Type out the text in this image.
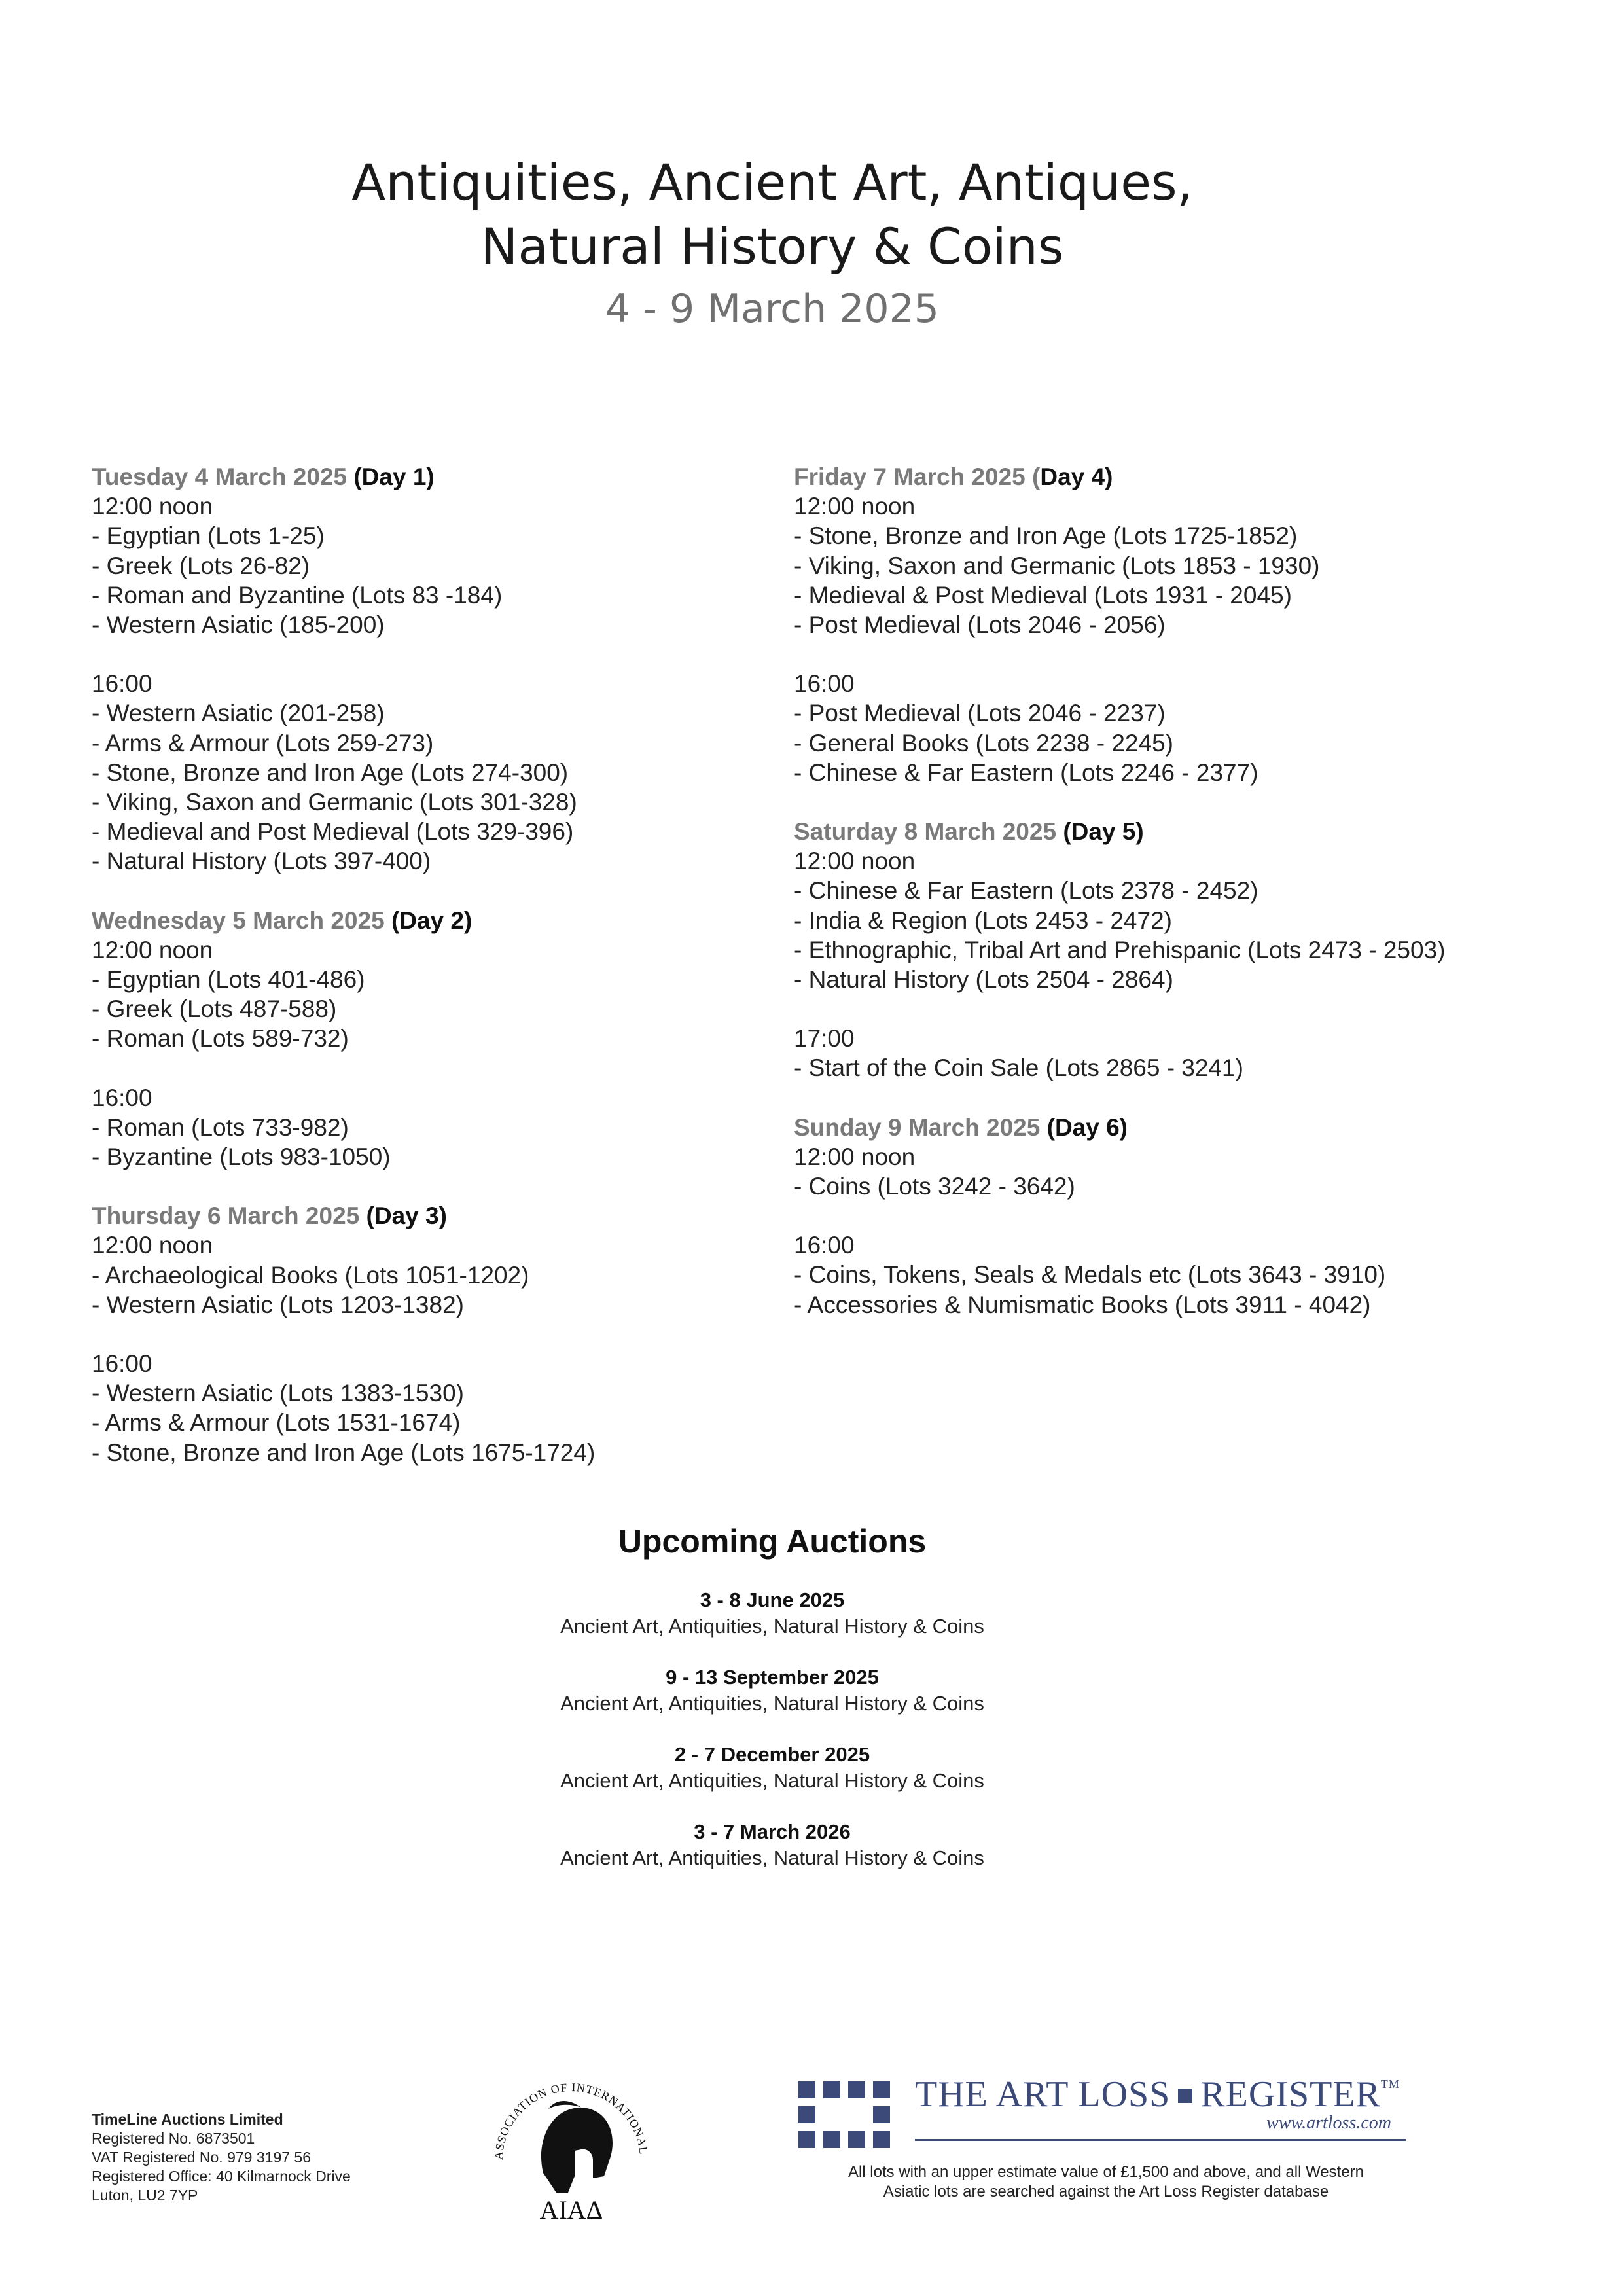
Antiquities, Ancient Art, Antiques,
Natural History & Coins
4 - 9 March 2025
Tuesday 4 March 2025 (Day 1)
12:00 noon
- Egyptian (Lots 1-25)
- Greek (Lots 26-82)
- Roman and Byzantine (Lots 83 -184)
- Western Asiatic (185-200)
16:00
- Western Asiatic (201-258)
- Arms & Armour (Lots 259-273)
- Stone, Bronze and Iron Age (Lots 274-300)
- Viking, Saxon and Germanic (Lots 301-328)
- Medieval and Post Medieval (Lots 329-396)
- Natural History (Lots 397-400)
Wednesday 5 March 2025 (Day 2)
12:00 noon
- Egyptian (Lots 401-486)
- Greek (Lots 487-588)
- Roman (Lots 589-732)
16:00
- Roman (Lots 733-982)
- Byzantine (Lots 983-1050)
Thursday 6 March 2025 (Day 3)
12:00 noon
- Archaeological Books (Lots 1051-1202)
- Western Asiatic (Lots 1203-1382)
16:00
- Western Asiatic (Lots 1383-1530)
- Arms & Armour (Lots 1531-1674)
- Stone, Bronze and Iron Age (Lots 1675-1724)
Friday 7 March 2025 (Day 4)
12:00 noon
- Stone, Bronze and Iron Age (Lots 1725-1852)
- Viking, Saxon and Germanic (Lots 1853 - 1930)
- Medieval & Post Medieval (Lots 1931 - 2045)
- Post Medieval (Lots 2046 - 2056)
16:00
- Post Medieval (Lots 2046 - 2237)
- General Books (Lots 2238 - 2245)
- Chinese & Far Eastern (Lots 2246 - 2377)
Saturday 8 March 2025 (Day 5)
12:00 noon
- Chinese & Far Eastern (Lots 2378 - 2452)
- India & Region (Lots 2453 - 2472)
- Ethnographic, Tribal Art and Prehispanic (Lots 2473 - 2503)
- Natural History (Lots 2504 - 2864)
17:00
- Start of the Coin Sale (Lots 2865 - 3241)
Sunday 9 March 2025 (Day 6)
12:00 noon
- Coins (Lots 3242 - 3642)
16:00
- Coins, Tokens, Seals & Medals etc (Lots 3643 - 3910)
- Accessories & Numismatic Books (Lots 3911 - 4042)
Upcoming Auctions
3 - 8 June 2025
Ancient Art, Antiquities, Natural History & Coins
9 - 13 September 2025
Ancient Art, Antiquities, Natural History & Coins
2 - 7 December 2025
Ancient Art, Antiquities, Natural History & Coins
3 - 7 March 2026
Ancient Art, Antiquities, Natural History & Coins
TimeLine Auctions Limited
Registered No. 6873501
VAT Registered No. 979 3197 56
Registered Office: 40 Kilmarnock Drive
Luton, LU2 7YP
ASSOCIATION OF INTERNATIONAL
AIAΔ
THE ART LOSS REGISTER™
www.artloss.com
All lots with an upper estimate value of £1,500 and above, and all Western
Asiatic lots are searched against the Art Loss Register database
